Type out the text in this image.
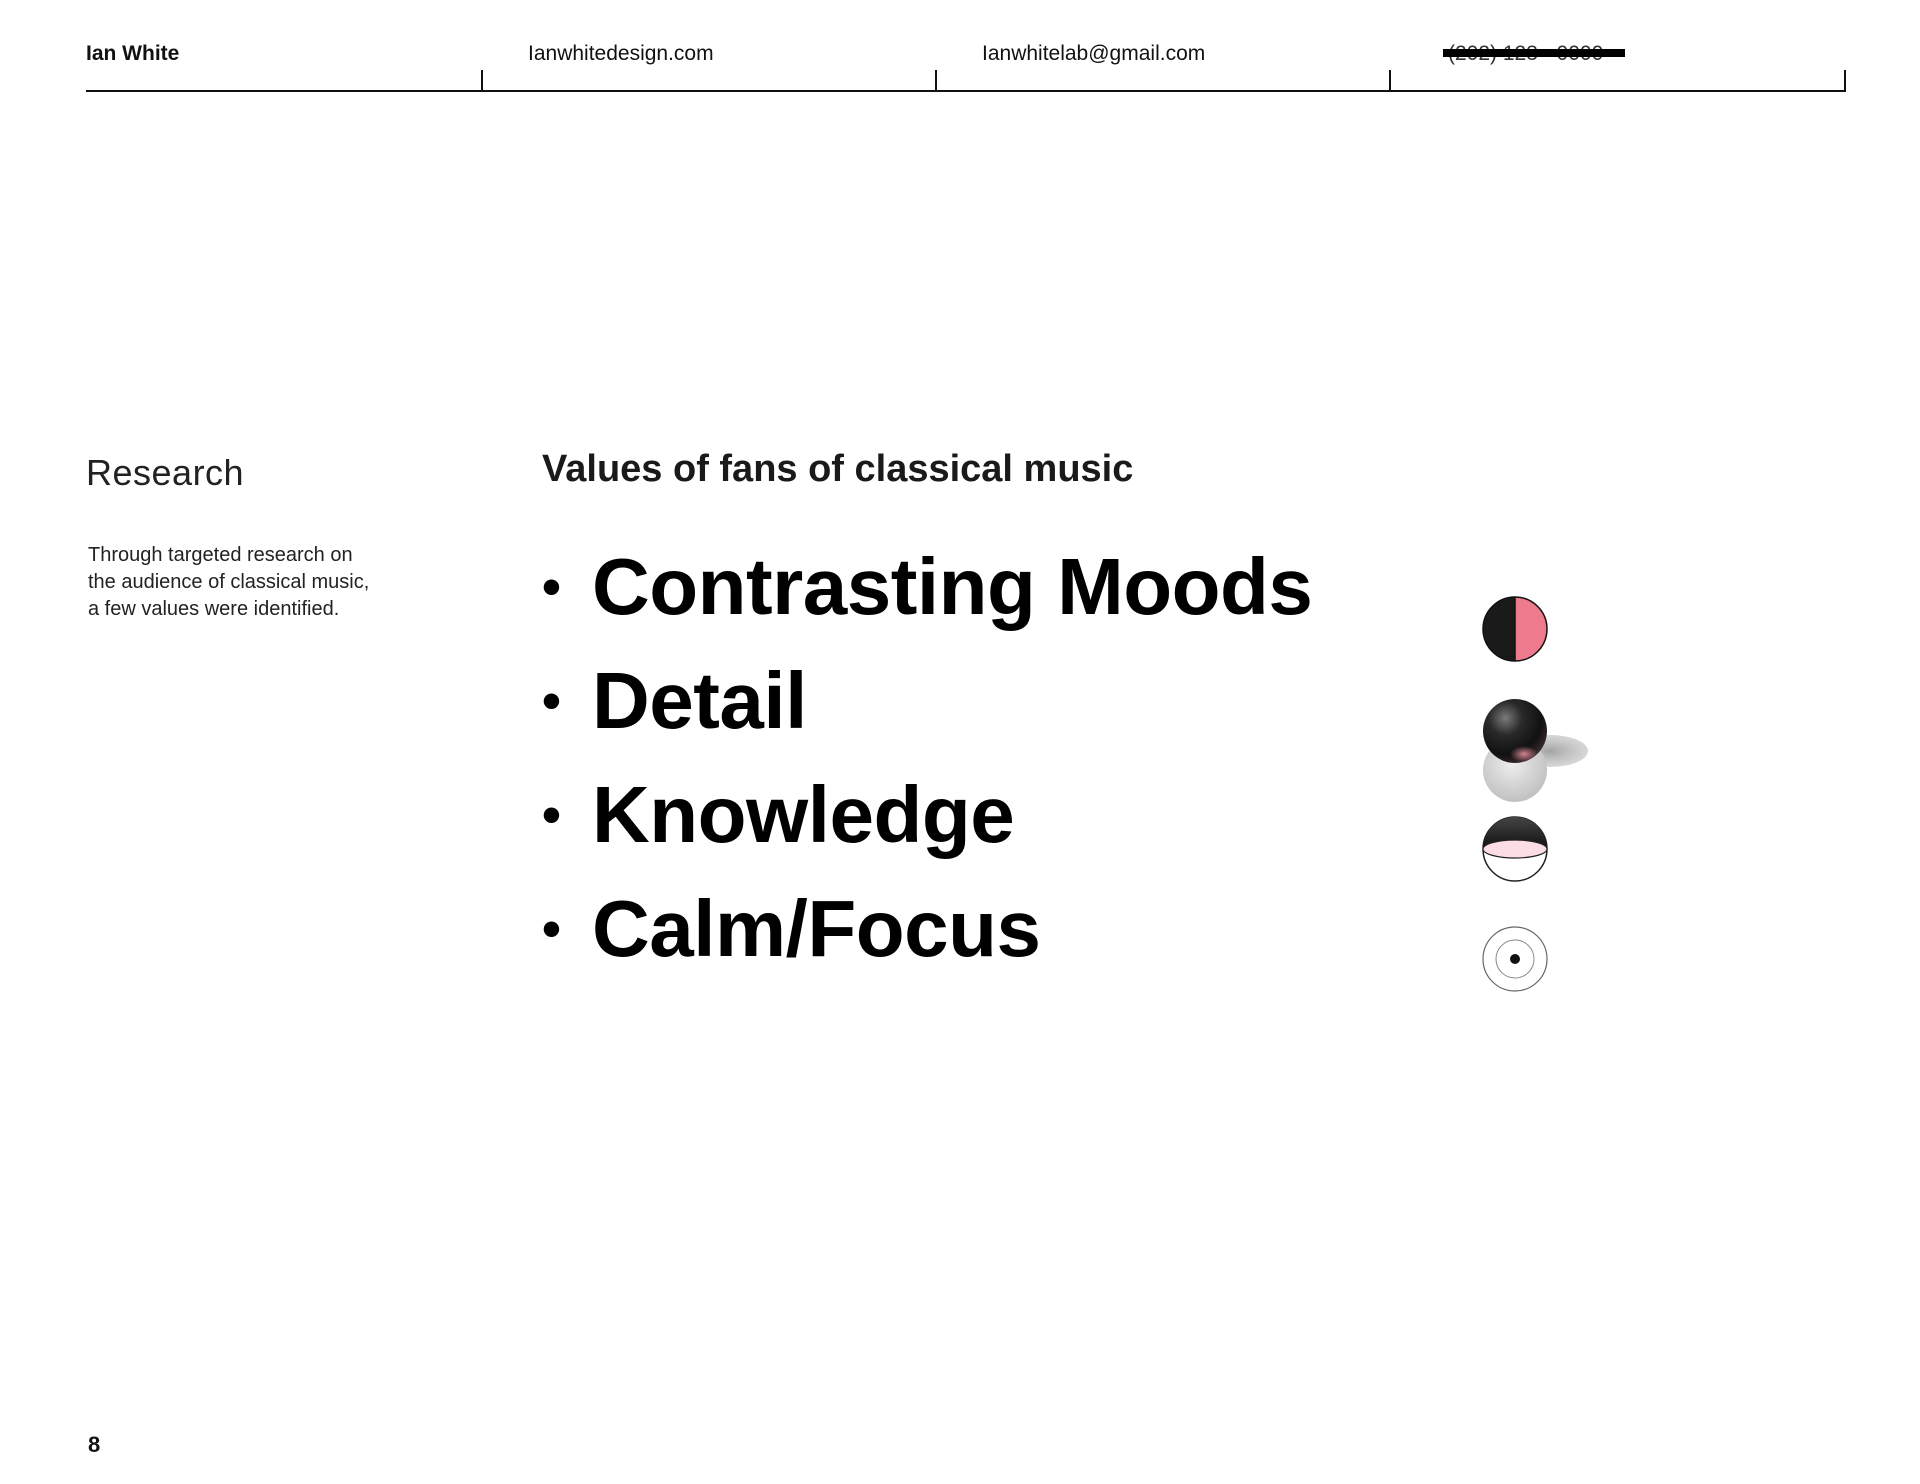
Ian White	Ianwhitedesign.com	Ianwhitelab@gmail.com
Research
Through targeted research on
the audience of classical music,
a few values were identified.
Values of fans of classical music
• Contrasting Moods
• Detail
• Knowledge
• Calm/Focus
8
